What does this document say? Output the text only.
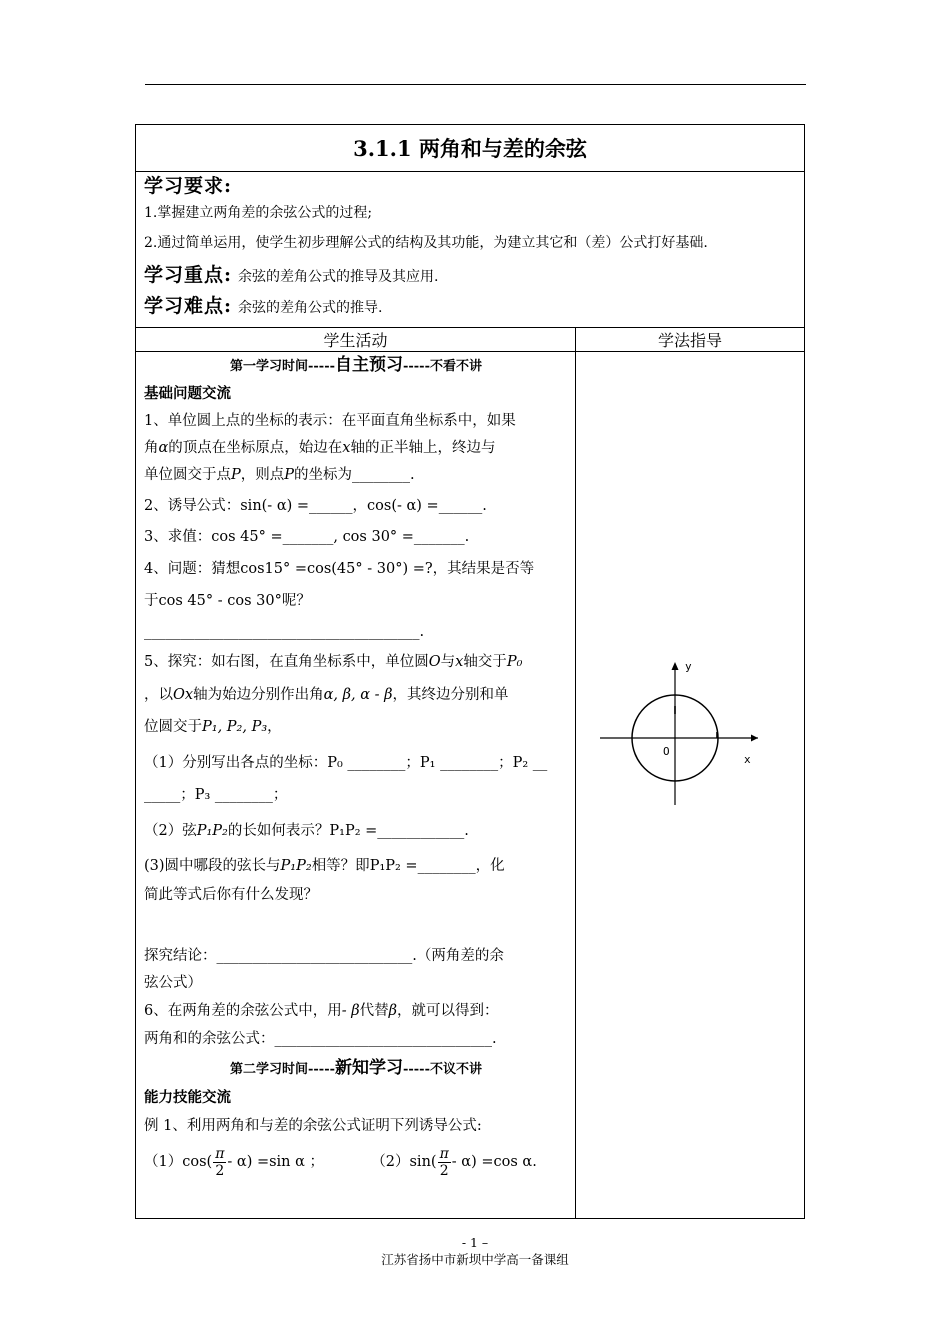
3.1.1 两角和与差的余弦
学习要求:
1.掌握建立两角差的余弦公式的过程;
2.通过简单运用，使学生初步理解公式的结构及其功能，为建立其它和（差）公式打好基础.
学习重点: 余弦的差角公式的推导及其应用.
学习难点: 余弦的差角公式的推导.
学生活动	学法指导
第一学习时间-----自主预习-----不看不讲
基础问题交流
1、单位圆上点的坐标的表示：在平面直角坐标系中，如果
角α的顶点在坐标原点，始边在x轴的正半轴上，终边与
单位圆交于点P，则点P的坐标为________.
2、诱导公式：sin(- α) =______，cos(- α) =______.
3、求值：cos 45° =_______, cos 30° =_______.
4、问题：猜想cos15° =cos(45° - 30°) =?，其结果是否等
于cos 45° - cos 30°呢？
______________________________________.
5、探究：如右图，在直角坐标系中，单位圆O与x轴交于P₀
，以Ox轴为始边分别作出角α, β, α - β，其终边分别和单
位圆交于P₁, P₂, P₃，
（1）分别写出各点的坐标：P₀ ________；P₁ ________；P₂ __
_____；P₃ ________；
（2）弦P₁P₂的长如何表示？P₁P₂ =____________.
(3)圆中哪段的弦长与P₁P₂相等？即P₁P₂ =________，化
简此等式后你有什么发现？
探究结论：___________________________.（两角差的余
弦公式）
6、在两角差的余弦公式中，用- β代替β，就可以得到：
两角和的余弦公式：______________________________.
第二学习时间-----新知学习-----不议不讲
能力技能交流
例 1、利用两角和与差的余弦公式证明下列诱导公式:
$(1)\cos( \frac{\pi}{2} - \alpha) =\sin$ α ；	$(2)\sin( \frac{\pi}{2} - \alpha) =\cos$ α.
y
x
O
- 1 –
江苏省扬中市新坝中学高一备课组
